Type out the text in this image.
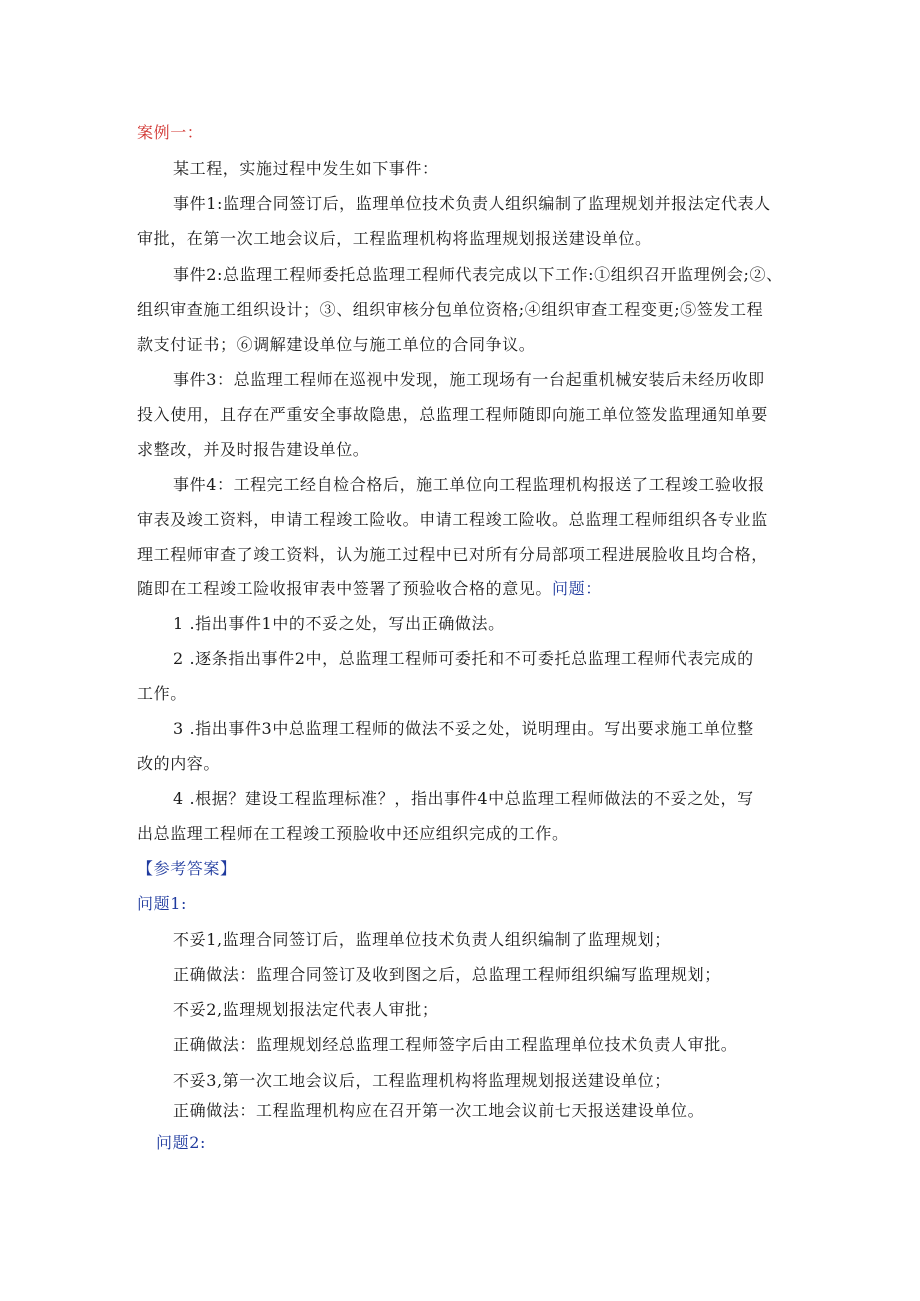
案例一：
某工程，实施过程中发生如下事件：
事件1:监理合同签订后，监理单位技术负责人组织编制了监理规划并报法定代表人
审批，在第一次工地会议后，工程监理机构将监理规划报送建设单位。
事件2:总监理工程师委托总监理工程师代表完成以下工作:①组织召开监理例会;②、
组织审查施工组织设计；③、组织审核分包单位资格;④组织审查工程变更;⑤签发工程
款支付证书；⑥调解建设单位与施工单位的合同争议。
事件3：总监理工程师在巡视中发现，施工现场有一台起重机械安装后未经历收即
投入使用，且存在严重安全事故隐患，总监理工程师随即向施工单位签发监理通知单要
求整改，并及时报告建设单位。
事件4：工程完工经自检合格后，施工单位向工程监理机构报送了工程竣工验收报
审表及竣工资料，申请工程竣工险收。申请工程竣工险收。总监理工程师组织各专业监
理工程师审查了竣工资料，认为施工过程中已对所有分局部项工程进展脸收且均合格，
随即在工程竣工险收报审表中签署了预验收合格的意见。问题：
1 .指出事件1中的不妥之处，写出正确做法。
2 .逐条指出事件2中，总监理工程师可委托和不可委托总监理工程师代表完成的
工作。
3 .指出事件3中总监理工程师的做法不妥之处，说明理由。写出要求施工单位整
改的内容。
4 .根据？建设工程监理标准？，指出事件4中总监理工程师做法的不妥之处，写
出总监理工程师在工程竣工预脸收中还应组织完成的工作。
【参考答案】
问题1:
不妥1,监理合同签订后，监理单位技术负责人组织编制了监理规划；
正确做法：监理合同签订及收到图之后，总监理工程师组织编写监理规划；
不妥2,监理规划报法定代表人审批；
正确做法：监理规划经总监理工程师签字后由工程监理单位技术负责人审批。
不妥3,第一次工地会议后，工程监理机构将监理规划报送建设单位；
正确做法：工程监理机构应在召开第一次工地会议前七天报送建设单位。
问题2:
